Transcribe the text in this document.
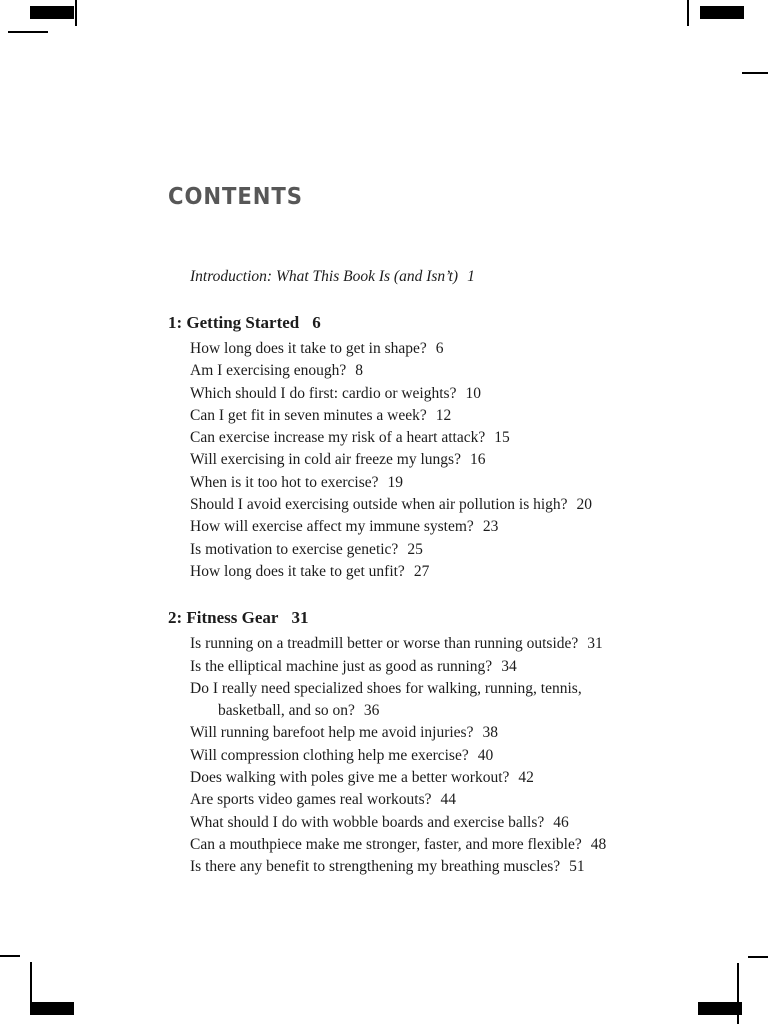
CONTENTS

Introduction: What This Book Is (and Isn’t) 1

1: Getting Started 6
How long does it take to get in shape? 6
Am I exercising enough? 8
Which should I do first: cardio or weights? 10
Can I get fit in seven minutes a week? 12
Can exercise increase my risk of a heart attack? 15
Will exercising in cold air freeze my lungs? 16
When is it too hot to exercise? 19
Should I avoid exercising outside when air pollution is high? 20
How will exercise affect my immune system? 23
Is motivation to exercise genetic? 25
How long does it take to get unfit? 27
2: Fitness Gear 31
Is running on a treadmill better or worse than running outside? 31
Is the elliptical machine just as good as running? 34
Do I really need specialized shoes for walking, running, tennis, basketball, and so on? 36
Will running barefoot help me avoid injuries? 38
Will compression clothing help me exercise? 40
Does walking with poles give me a better workout? 42
Are sports video games real workouts? 44
What should I do with wobble boards and exercise balls? 46
Can a mouthpiece make me stronger, faster, and more flexible? 48
Is there any benefit to strengthening my breathing muscles? 51
